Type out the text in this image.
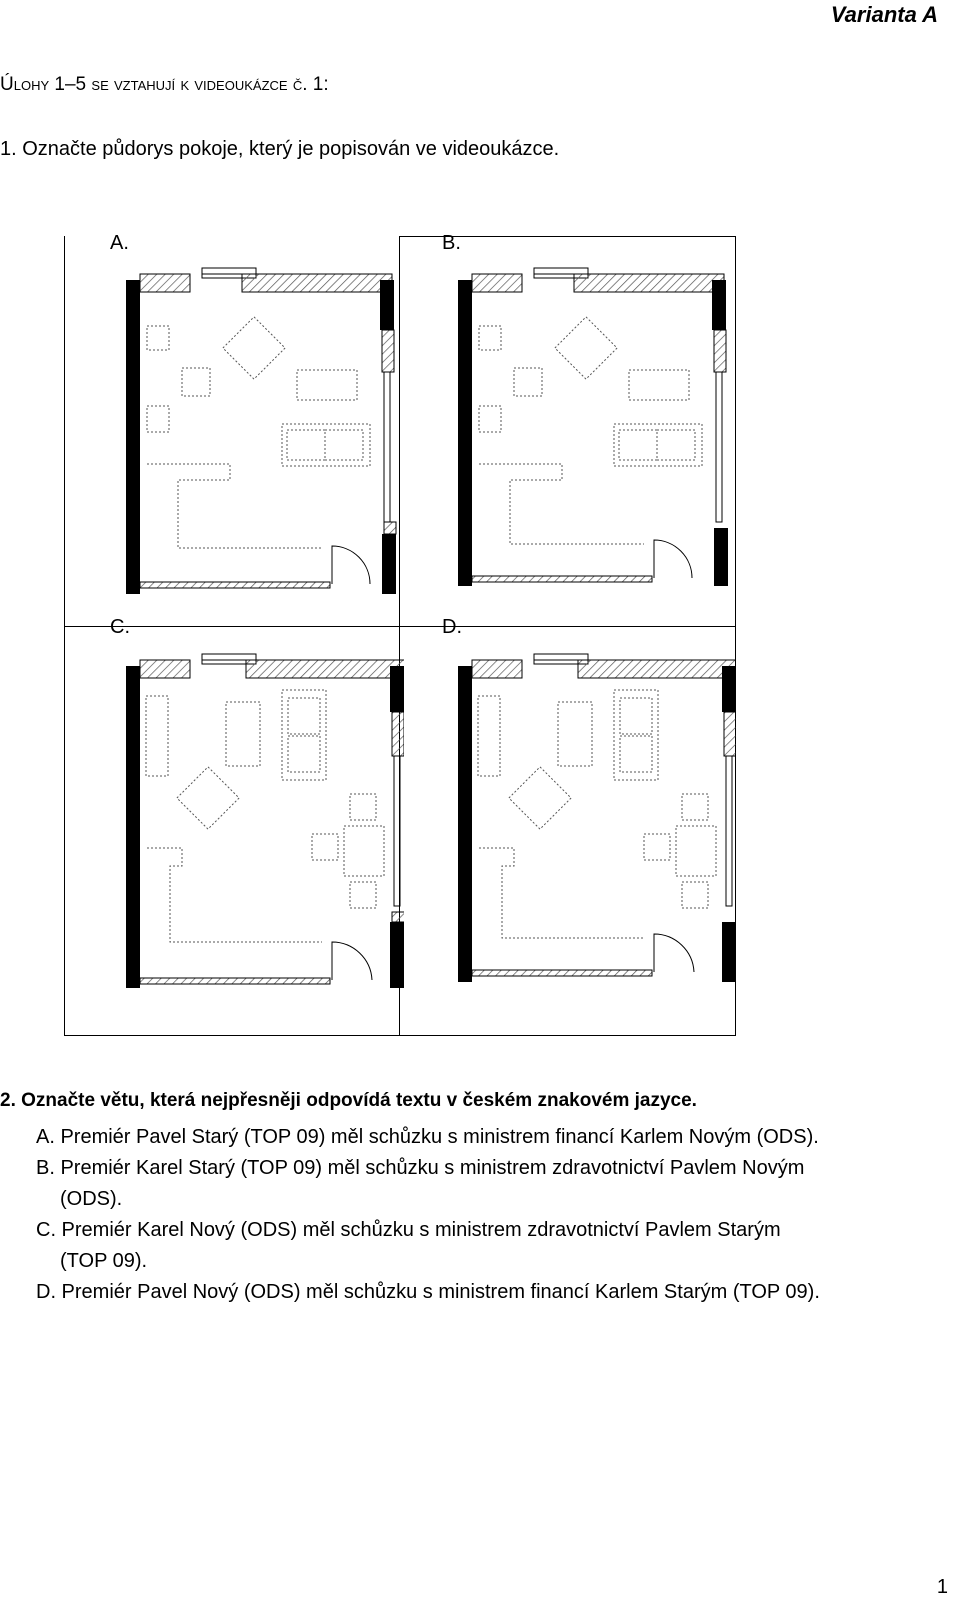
Varianta A
Úlohy 1–5 se vztahují k videoukázce č. 1:
1. Označte půdorys pokoje, který je popisován ve videoukázce.
A.	B.
C.	D.
2. Označte větu, která nejpřesněji odpovídá textu v českém znakovém jazyce.
A. Premiér Pavel Starý (TOP 09) měl schůzku s ministrem financí Karlem Novým (ODS).
B. Premiér Karel Starý (TOP 09) měl schůzku s ministrem zdravotnictví Pavlem Novým
(ODS).
C. Premiér Karel Nový (ODS) měl schůzku s ministrem zdravotnictví Pavlem Starým
(TOP 09).
D. Premiér Pavel Nový (ODS) měl schůzku s ministrem financí Karlem Starým (TOP 09).
1
